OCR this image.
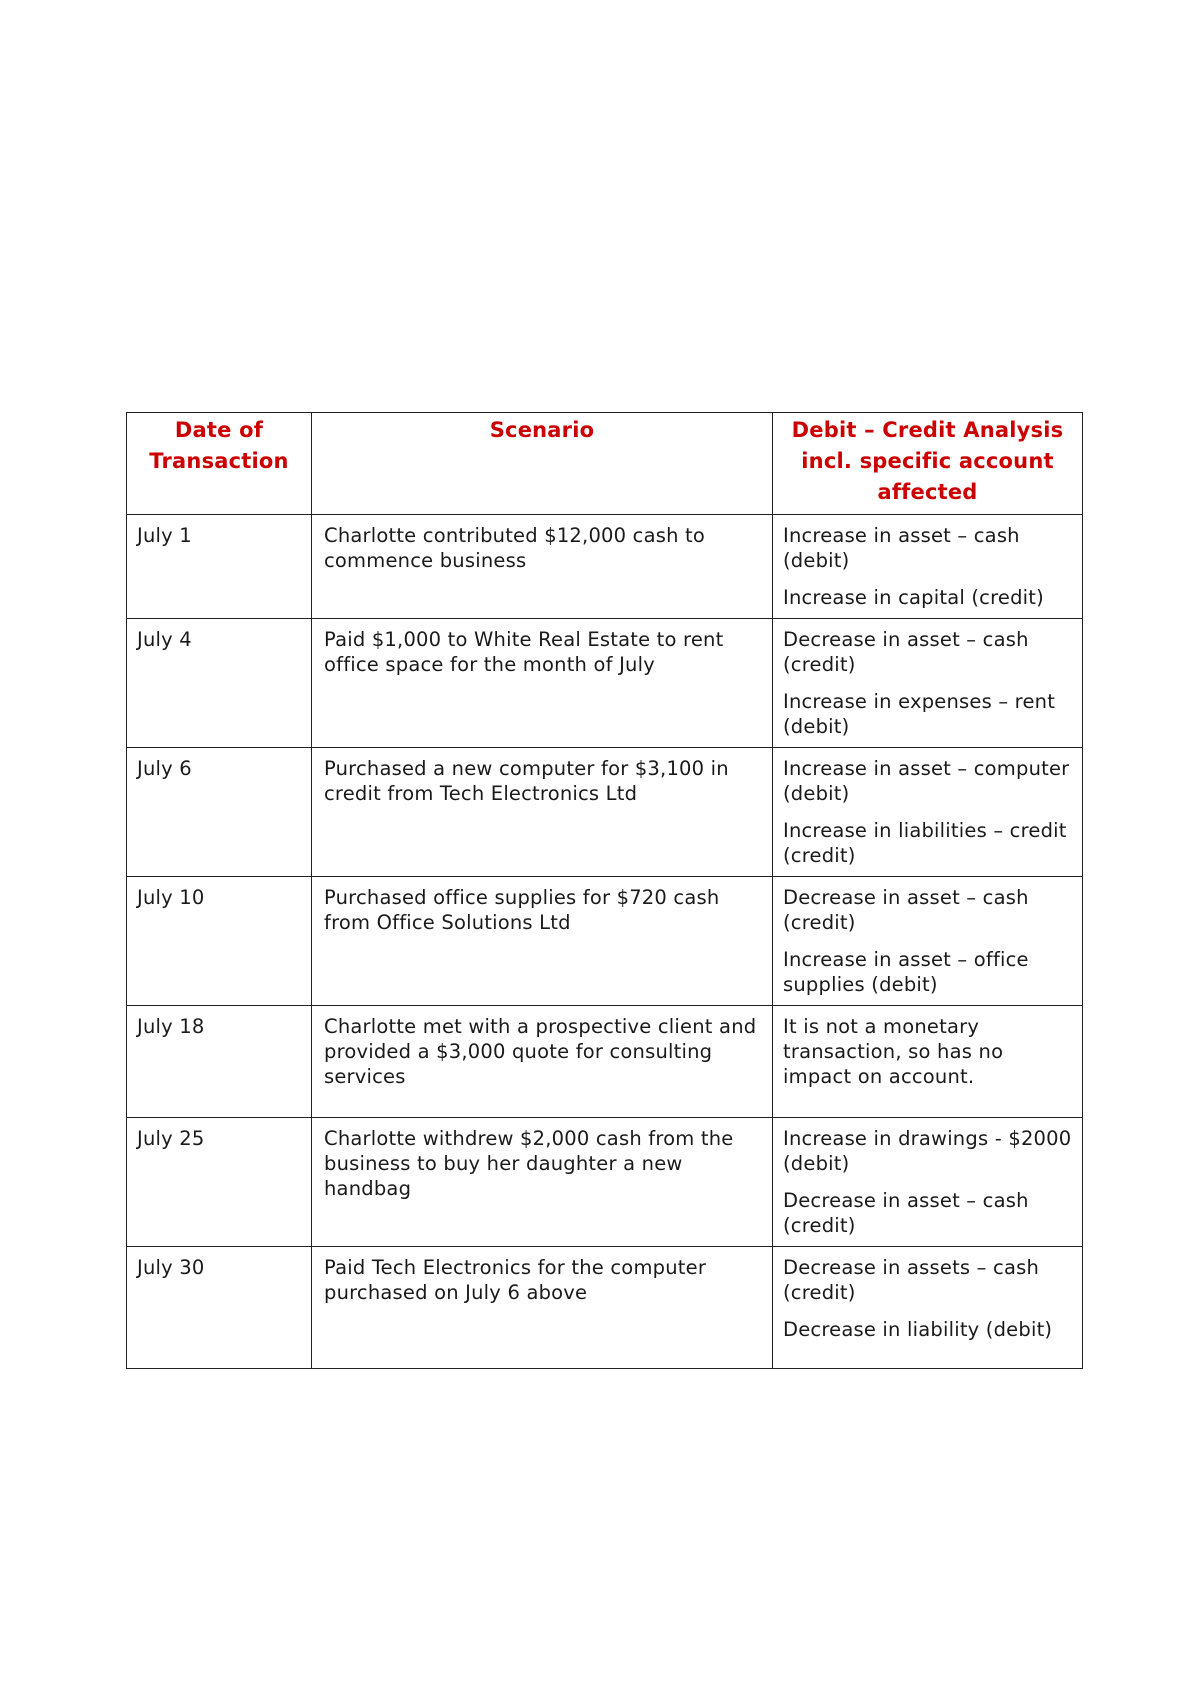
Date of Transaction	Scenario	Debit – Credit Analysis incl. specific account affected
July 1	Charlotte contributed $12,000 cash to commence business	Increase in asset – cash (debit)

Increase in capital (credit)

July 4	Paid $1,000 to White Real Estate to rent office space for the month of July	Decrease in asset – cash (credit)

Increase in expenses – rent (debit)

July 6	Purchased a new computer for $3,100 in credit from Tech Electronics Ltd	Increase in asset – computer (debit)

Increase in liabilities – credit (credit)

July 10	Purchased office supplies for $720 cash from Office Solutions Ltd	Decrease in asset – cash (credit)

Increase in asset – office supplies (debit)

July 18	Charlotte met with a prospective client and provided a $3,000 quote for consulting services	It is not a monetary transaction, so has no impact on account.

July 25	Charlotte withdrew $2,000 cash from the business to buy her daughter a new handbag	Increase in drawings - $2000 (debit)

Decrease in asset – cash (credit)

July 30	Paid Tech Electronics for the computer purchased on July 6 above	Decrease in assets – cash (credit)

Decrease in liability (debit)
